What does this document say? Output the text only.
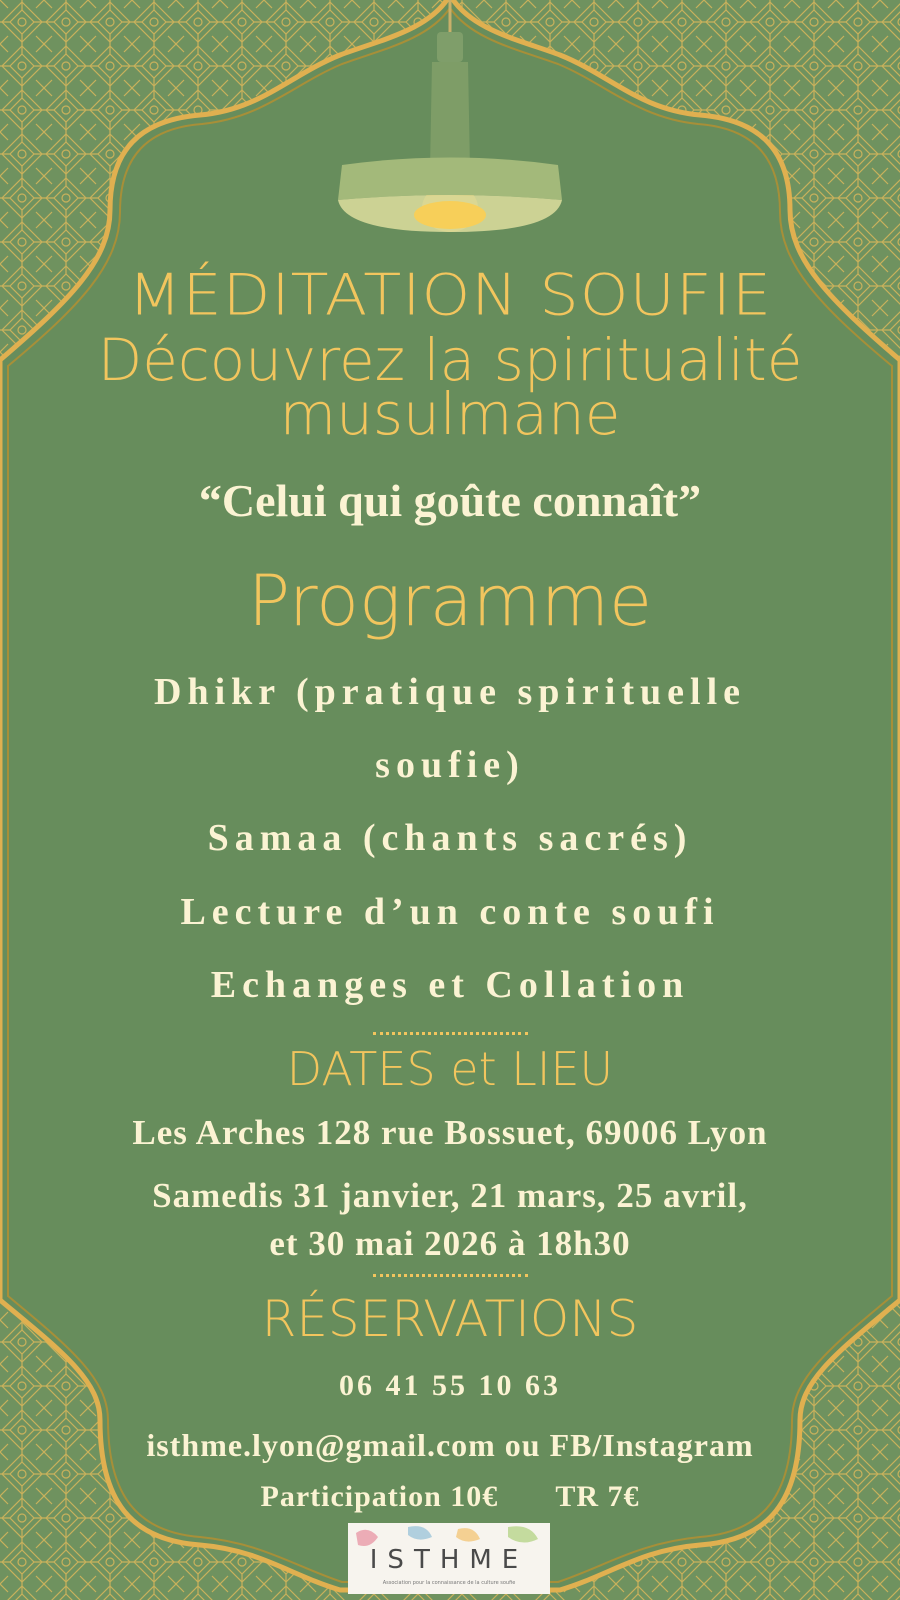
MÉDITATION SOUFIE

Découvrez la spiritualité
musulmane

“Celui qui goûte connaît”

Programme

Dhikr (pratique spirituelle

soufie)

Samaa (chants sacrés)

Lecture d’un conte soufi

Echanges et Collation

DATES et LIEU

Les Arches 128 rue Bossuet, 69006 Lyon

Samedis 31 janvier, 21 mars, 25 avril,
et 30 mai 2026 à 18h30

RÉSERVATIONS

06 41 55 10 63

isthme.lyon@gmail.com ou FB/Instagram

Participation 10€ TR 7€

ISTHME
Association pour la connaissance de la culture soufie
